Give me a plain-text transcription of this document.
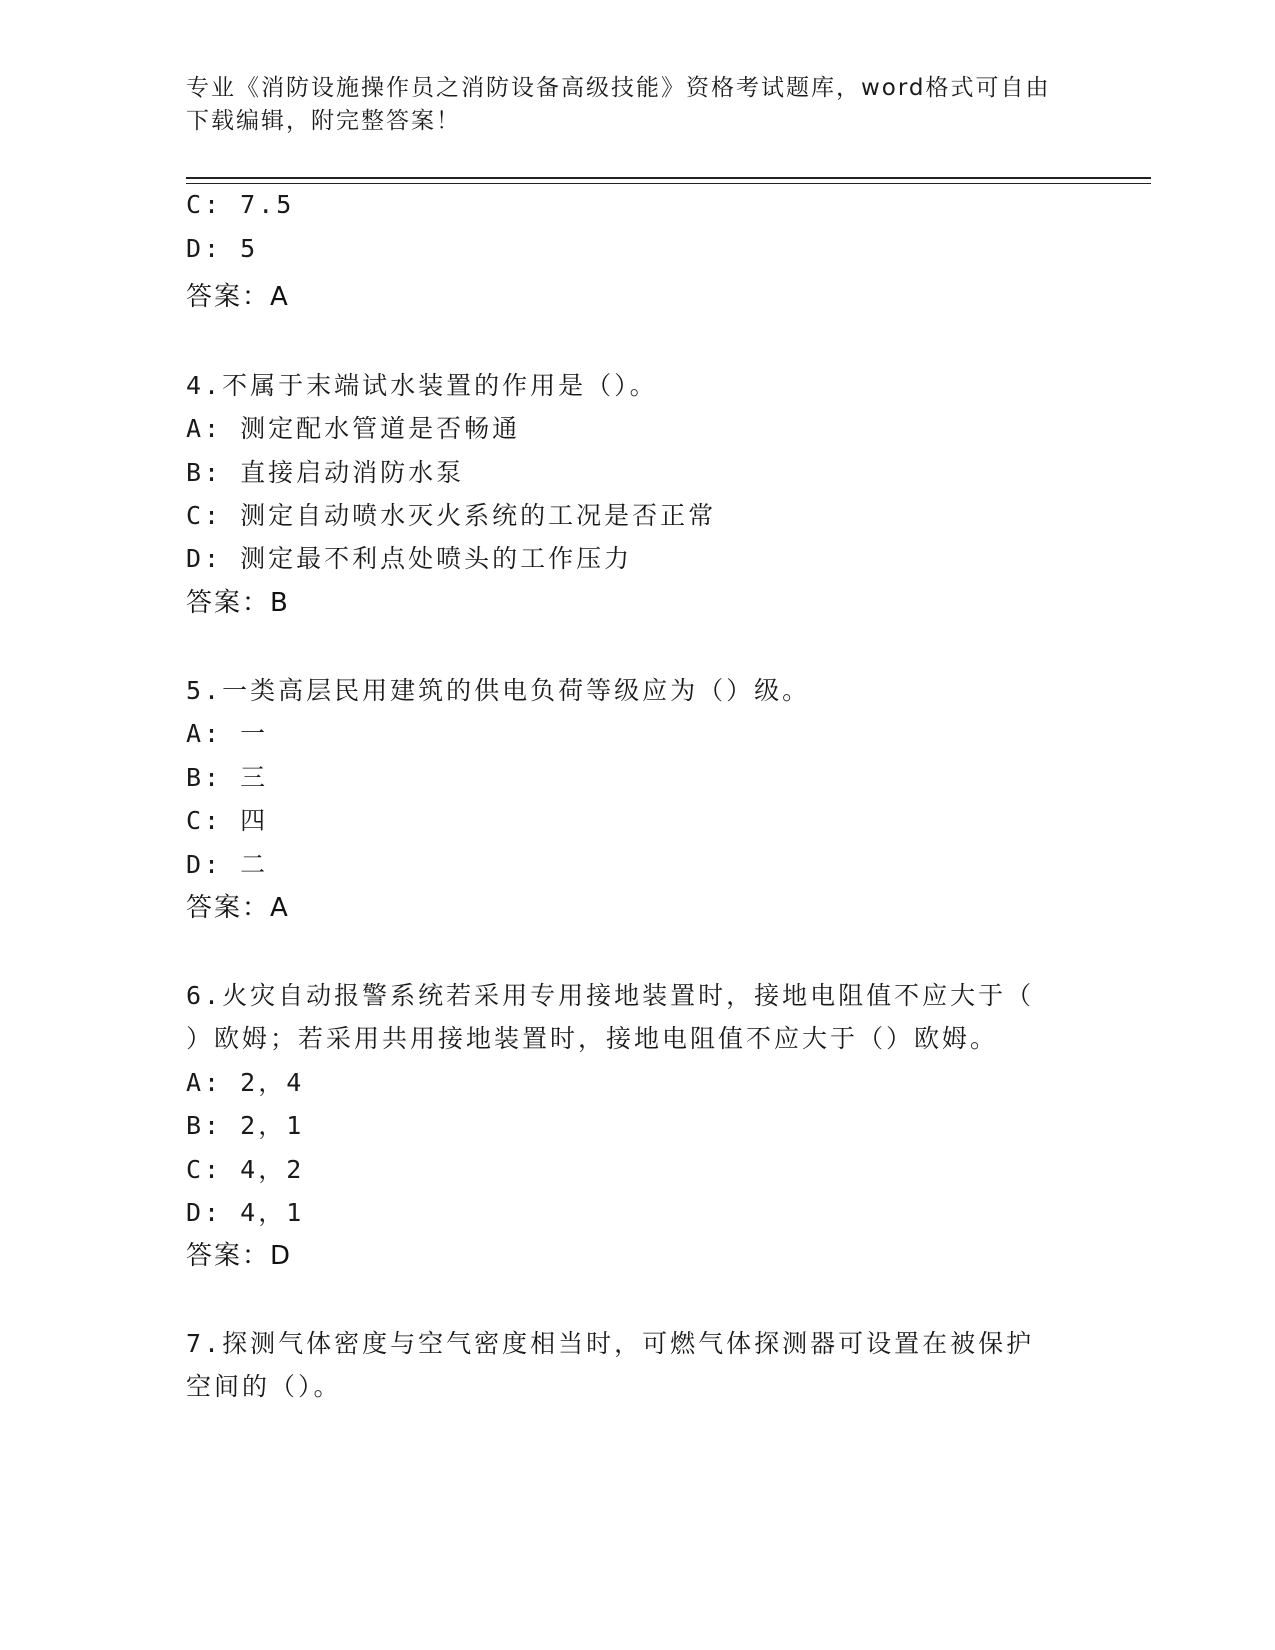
专业《消防设施操作员之消防设备高级技能》资格考试题库，word格式可自由下载编辑，附完整答案！
C: 7.5
D: 5
答案：A
4.不属于末端试水装置的作用是（）。
A: 测定配水管道是否畅通
B: 直接启动消防水泵
C: 测定自动喷水灭火系统的工况是否正常
D: 测定最不利点处喷头的工作压力
答案：B
5.一类高层民用建筑的供电负荷等级应为（）级。
A: 一
B: 三
C: 四
D: 二
答案：A
6.火灾自动报警系统若采用专用接地装置时，接地电阻值不应大于（
）欧姆；若采用共用接地装置时，接地电阻值不应大于（）欧姆。
A: 2，4
B: 2，1
C: 4，2
D: 4，1
答案：D
7.探测气体密度与空气密度相当时，可燃气体探测器可设置在被保护
空间的（）。
